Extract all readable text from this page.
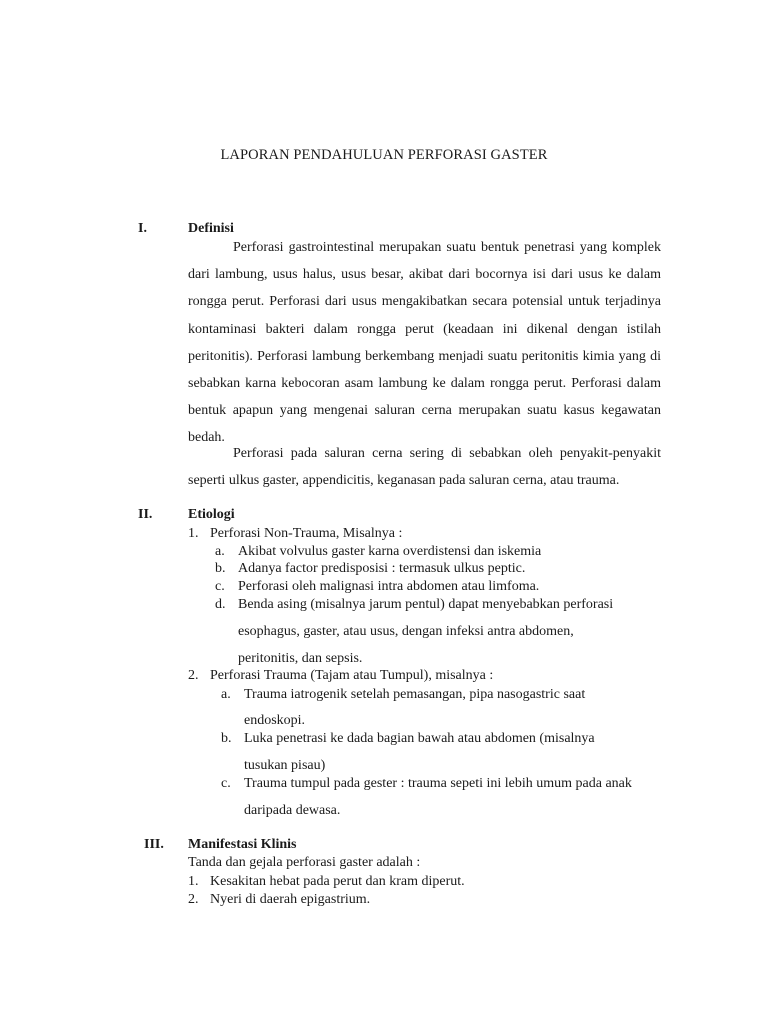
LAPORAN PENDAHULUAN PERFORASI GASTER
I.	Definisi
Perforasi gastrointestinal merupakan suatu bentuk penetrasi yang komplek dari lambung, usus halus, usus besar, akibat dari bocornya isi dari usus ke dalam rongga perut. Perforasi dari usus mengakibatkan secara potensial untuk terjadinya kontaminasi bakteri dalam rongga perut (keadaan ini dikenal dengan istilah peritonitis). Perforasi lambung berkembang menjadi suatu peritonitis kimia yang di sebabkan karna kebocoran asam lambung ke dalam rongga perut. Perforasi dalam bentuk apapun yang mengenai saluran cerna merupakan suatu kasus kegawatan bedah.
Perforasi pada saluran cerna sering di sebabkan oleh penyakit-penyakit seperti ulkus gaster, appendicitis, keganasan pada saluran cerna, atau trauma.
II.	Etiologi
1. Perforasi Non-Trauma, Misalnya :
a. Akibat volvulus gaster karna overdistensi dan iskemia
b. Adanya factor predisposisi : termasuk ulkus peptic.
c. Perforasi oleh malignasi intra abdomen atau limfoma.
d. Benda asing (misalnya jarum pentul) dapat menyebabkan perforasi
esophagus, gaster, atau usus, dengan infeksi antra abdomen,
peritonitis, dan sepsis.
2. Perforasi Trauma (Tajam atau Tumpul), misalnya :
a. Trauma iatrogenik setelah pemasangan, pipa nasogastric saat
endoskopi.
b. Luka penetrasi ke dada bagian bawah atau abdomen (misalnya
tusukan pisau)
c. Trauma tumpul pada gester : trauma sepeti ini lebih umum pada anak
daripada dewasa.
III. Manifestasi Klinis
Tanda dan gejala perforasi gaster adalah :
1. Kesakitan hebat pada perut dan kram diperut.
2. Nyeri di daerah epigastrium.
